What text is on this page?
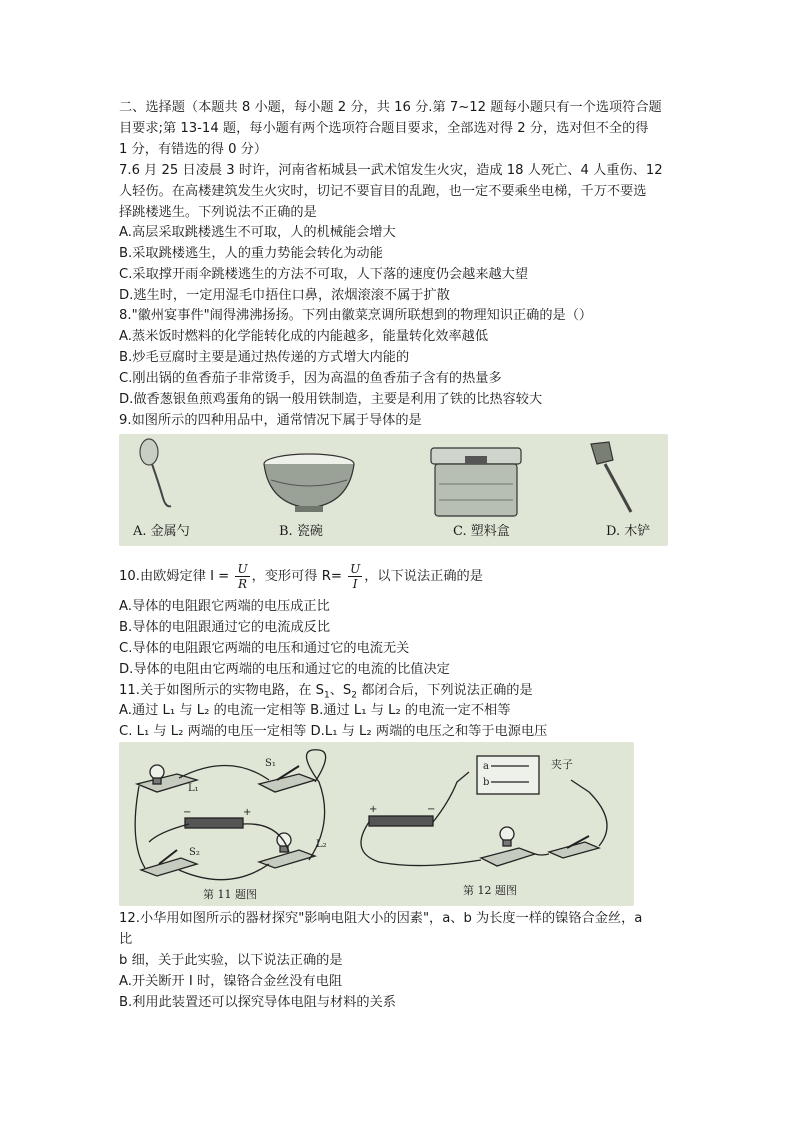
二、选择题（本题共 8 小题，每小题 2 分，共 16 分.第 7~12 题每小题只有一个选项符合题
目要求;第 13-14 题，每小题有两个选项符合题目要求，全部选对得 2 分，选对但不全的得
1 分，有错选的得 0 分）
7.6 月 25 日凌晨 3 时许，河南省柘城县一武术馆发生火灾，造成 18 人死亡、4 人重伤、12
人轻伤。在高楼建筑发生火灾时，切记不要盲目的乱跑，也一定不要乘坐电梯，千万不要选
择跳楼逃生。下列说法不正确的是
A.高层采取跳楼逃生不可取，人的机械能会增大
B.采取跳楼逃生，人的重力势能会转化为动能
C.采取撑开雨伞跳楼逃生的方法不可取，人下落的速度仍会越来越大望
D.逃生时，一定用湿毛巾捂住口鼻，浓烟滚滚不属于扩散
8."徽州宴事件"闹得沸沸扬扬。下列由徽菜烹调所联想到的物理知识正确的是（）
A.蒸米饭时燃料的化学能转化成的内能越多，能量转化效率越低
B.炒毛豆腐时主要是通过热传递的方式增大内能的
C.刚出锅的鱼香茄子非常烫手，因为高温的鱼香茄子含有的热量多
D.做香葱银鱼煎鸡蛋角的锅一般用铁制造，主要是利用了铁的比热容较大
9.如图所示的四种用品中，通常情况下属于导体的是
A. 金属勺	B. 瓷碗	C. 塑料盒	D. 木铲
10.由欧姆定律 $I = \frac{U}{R}$ ，变形可得 $R= \frac{U}{I}$ ，以下说法正确的是
A.导体的电阻跟它两端的电压成正比
B.导体的电阻跟通过它的电流成反比
C.导体的电阻跟它两端的电压和通过它的电流无关
D.导体的电阻由它两端的电压和通过它的电流的比值决定
11.关于如图所示的实物电路，在 $S_1$、$S_2$ 都闭合后，下列说法正确的是
A.通过 L₁ 与 L₂ 的电流一定相等 B.通过 L₁ 与 L₂ 的电流一定不相等
C. L₁ 与 L₂ 两端的电压一定相等 D.L₁ 与 L₂ 两端的电压之和等于电源电压
L₁
S₁
S₂
L₂
+
−
第 11 题图
a
b
夹子
+	−
第 12 题图
12.小华用如图所示的器材探究"影响电阻大小的因素"，a、b 为长度一样的镍铬合金丝，a
比
b 细，关于此实验，以下说法正确的是
A.开关断开 I 时，镍铬合金丝没有电阻
B.利用此装置还可以探究导体电阻与材料的关系
